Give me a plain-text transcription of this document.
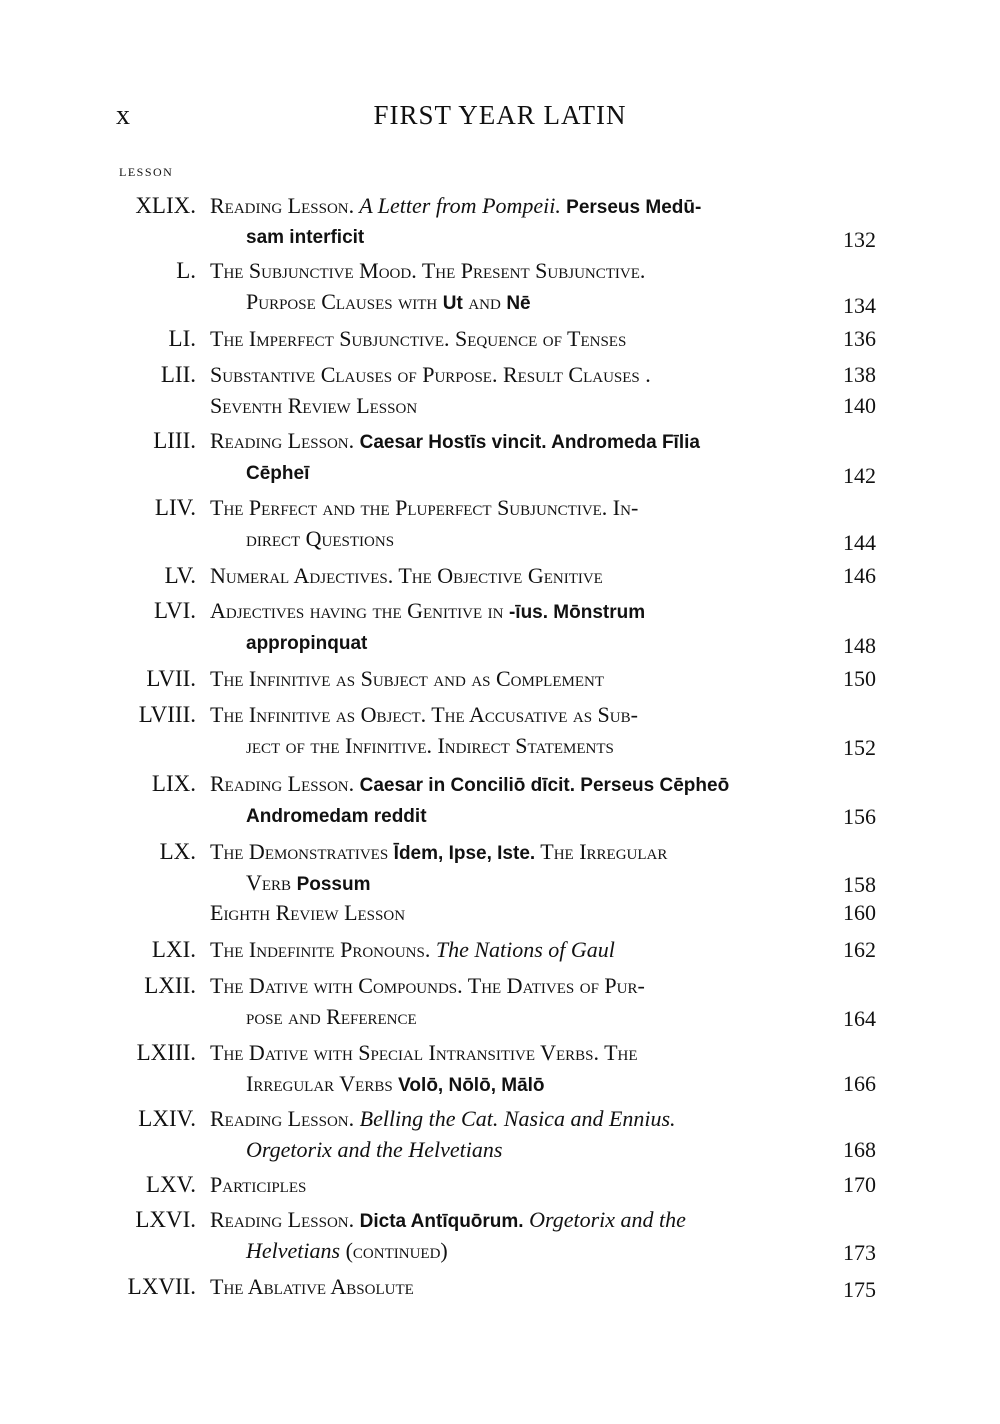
x	FIRST YEAR LATIN
LESSON
XLIX. Reading Lesson. A Letter from Pompeii. Perseus Medū-
sam interficit	132
L. The Subjunctive Mood. The Present Subjunctive.
Purpose Clauses with Ut and Nē	134
LI. The Imperfect Subjunctive. Sequence of Tenses	136
LII. Substantive Clauses of Purpose. Result Clauses .	138
Seventh Review Lesson	140
LIII. Reading Lesson. Caesar Hostīs vincit. Andromeda Fīlia
Cēpheī	142
LIV. The Perfect and the Pluperfect Subjunctive. In-
direct Questions	144
LV. Numeral Adjectives. The Objective Genitive	146
LVI. Adjectives having the Genitive in -īus. Mōnstrum
appropinquat	148
LVII. The Infinitive as Subject and as Complement	150
LVIII. The Infinitive as Object. The Accusative as Sub-
ject of the Infinitive. Indirect Statements	152
LIX. Reading Lesson. Caesar in Conciliō dīcit. Perseus Cēpheō
Andromedam reddit	156
LX. The Demonstratives Īdem, Ipse, Iste. The Irregular
Verb Possum	158
Eighth Review Lesson	160
LXI. The Indefinite Pronouns. The Nations of Gaul	162
LXII. The Dative with Compounds. The Datives of Pur-
pose and Reference	164
LXIII. The Dative with Special Intransitive Verbs. The
Irregular Verbs Volō, Nōlō, Mālō	166
LXIV. Reading Lesson. Belling the Cat. Nasica and Ennius.
Orgetorix and the Helvetians	168
LXV. Participles	170
LXVI. Reading Lesson. Dicta Antīquōrum. Orgetorix and the
Helvetians (continued)	173
LXVII. The Ablative Absolute	175
